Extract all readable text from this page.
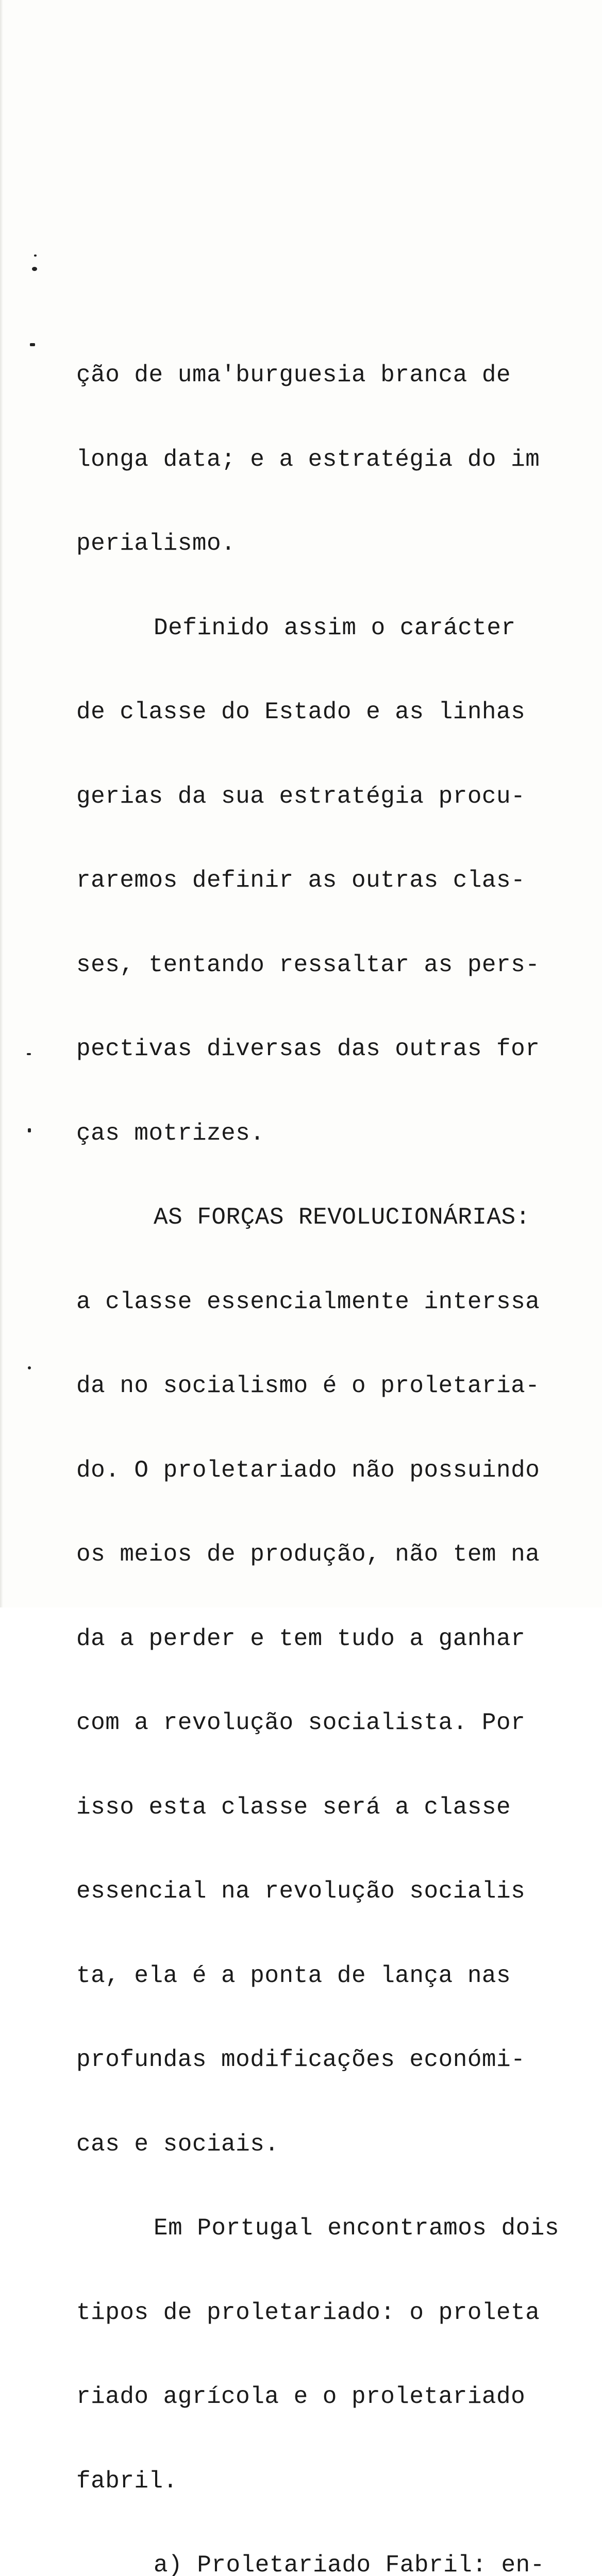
ção de uma'burguesia branca de

longa data; e a estratégia do im

perialismo.

Definido assim o carácter

de classe do Estado e as linhas

gerias da sua estratégia procu-

raremos definir as outras clas-

ses, tentando ressaltar as pers-

pectivas diversas das outras for

ças motrizes.

AS FORÇAS REVOLUCIONÁRIAS:

a classe essencialmente interssa

da no socialismo é o proletaria-

do. O proletariado não possuindo

os meios de produção, não tem na

da a perder e tem tudo a ganhar

com a revolução socialista. Por

isso esta classe será a classe

essencial na revolução socialis

ta, ela é a ponta de lança nas

profundas modificações económi-

cas e sociais.

Em Portugal encontramos dois

tipos de proletariado: o proleta

riado agrícola e o proletariado

fabril.

a) Proletariado Fabril: en-
